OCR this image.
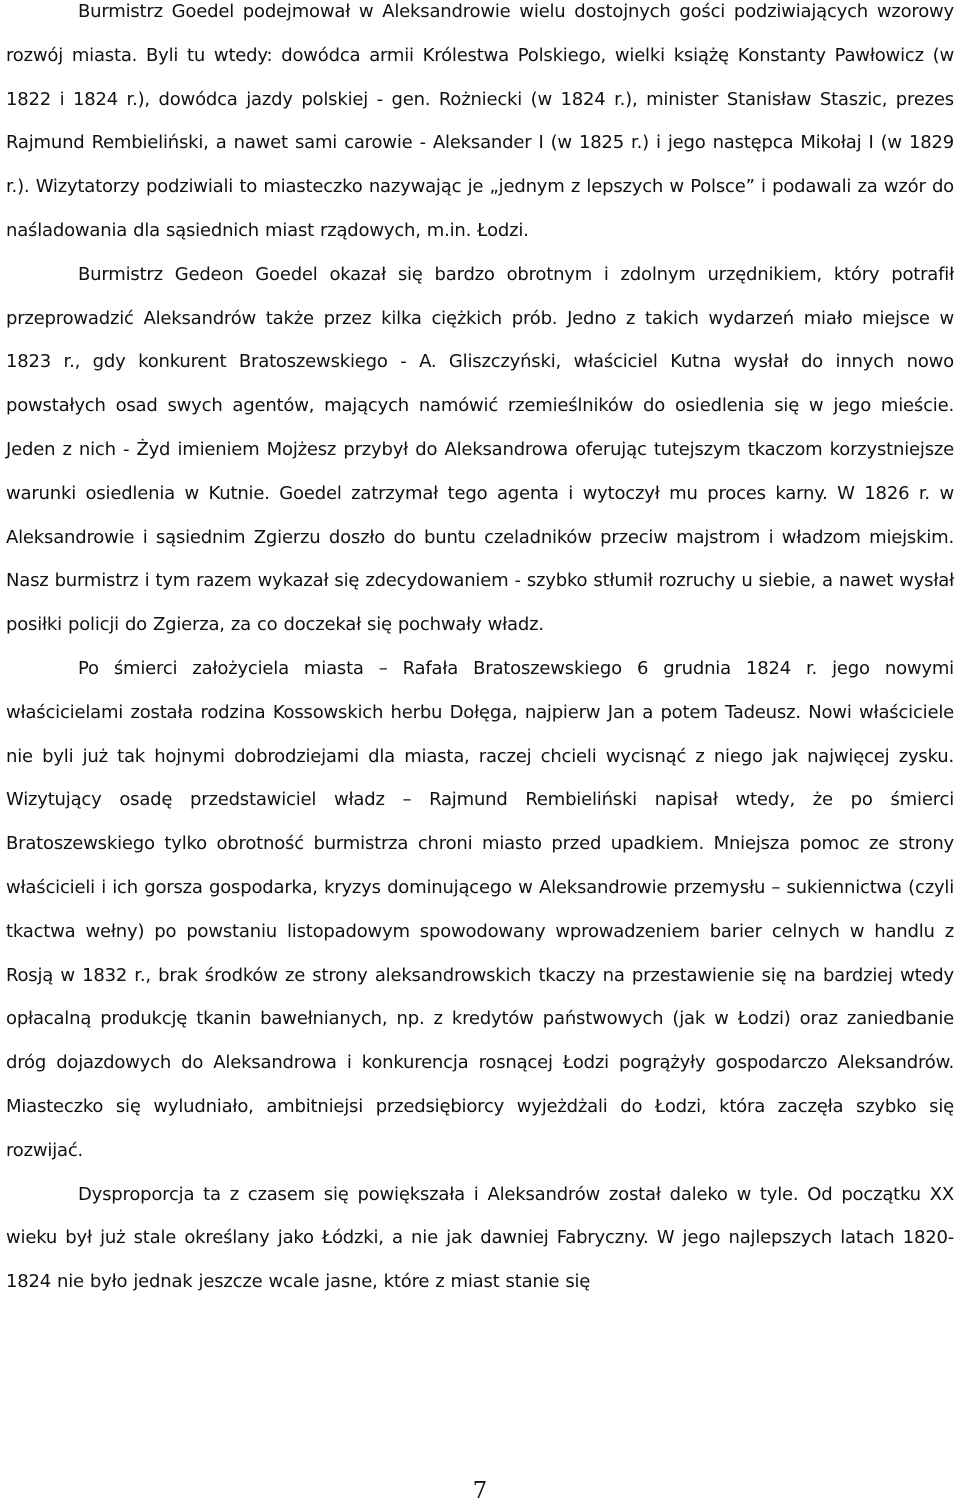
Burmistrz Goedel podejmował w Aleksandrowie wielu dostojnych gości podziwiających wzorowy rozwój miasta. Byli tu wtedy: dowódca armii Królestwa Polskiego, wielki książę Konstanty Pawłowicz (w 1822 i 1824 r.), dowódca jazdy polskiej - gen. Rożniecki (w 1824 r.), minister Stanisław Staszic, prezes Rajmund Rembieliński, a nawet sami carowie - Aleksander I (w 1825 r.) i jego następca Mikołaj I (w 1829 r.). Wizytatorzy podziwiali to miasteczko nazywając je „jednym z lepszych w Polsce” i podawali za wzór do naśladowania dla sąsiednich miast rządowych, m.in. Łodzi.

Burmistrz Gedeon Goedel okazał się bardzo obrotnym i zdolnym urzędnikiem, który potrafił przeprowadzić Aleksandrów także przez kilka ciężkich prób. Jedno z takich wydarzeń miało miejsce w 1823 r., gdy konkurent Bratoszewskiego - A. Gliszczyński, właściciel Kutna wysłał do innych nowo powstałych osad swych agentów, mających namówić rzemieślników do osiedlenia się w jego mieście. Jeden z nich - Żyd imieniem Mojżesz przybył do Aleksandrowa oferując tutejszym tkaczom korzystniejsze warunki osiedlenia w Kutnie. Goedel zatrzymał tego agenta i wytoczył mu proces karny. W 1826 r. w Aleksandrowie i sąsiednim Zgierzu doszło do buntu czeladników przeciw majstrom i władzom miejskim. Nasz burmistrz i tym razem wykazał się zdecydowaniem - szybko stłumił rozruchy u siebie, a nawet wysłał posiłki policji do Zgierza, za co doczekał się pochwały władz.

Po śmierci założyciela miasta – Rafała Bratoszewskiego 6 grudnia 1824 r. jego nowymi właścicielami została rodzina Kossowskich herbu Dołęga, najpierw Jan a potem Tadeusz. Nowi właściciele nie byli już tak hojnymi dobrodziejami dla miasta, raczej chcieli wycisnąć z niego jak najwięcej zysku. Wizytujący osadę przedstawiciel władz – Rajmund Rembieliński napisał wtedy, że po śmierci Bratoszewskiego tylko obrotność burmistrza chroni miasto przed upadkiem. Mniejsza pomoc ze strony właścicieli i ich gorsza gospodarka, kryzys dominującego w Aleksandrowie przemysłu – sukiennictwa (czyli tkactwa wełny) po powstaniu listopadowym spowodowany wprowadzeniem barier celnych w handlu z Rosją w 1832 r., brak środków ze strony aleksandrowskich tkaczy na przestawienie się na bardziej wtedy opłacalną produkcję tkanin bawełnianych, np. z kredytów państwowych (jak w Łodzi) oraz zaniedbanie dróg dojazdowych do Aleksandrowa i konkurencja rosnącej Łodzi pogrążyły gospodarczo Aleksandrów. Miasteczko się wyludniało, ambitniejsi przedsiębiorcy wyjeżdżali do Łodzi, która zaczęła szybko się rozwijać.

Dysproporcja ta z czasem się powiększała i Aleksandrów został daleko w tyle. Od początku XX wieku był już stale określany jako Łódzki, a nie jak dawniej Fabryczny. W jego najlepszych latach 1820-1824 nie było jednak jeszcze wcale jasne, które z miast stanie się

7
